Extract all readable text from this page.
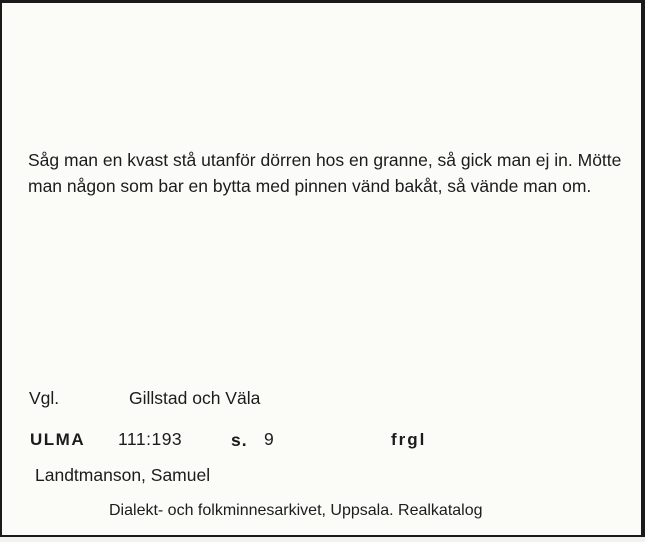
Såg man en kvast stå utanför dörren hos en granne, så gick man ej in. Mötte man någon som bar en bytta med pinnen vänd bakåt, så vände man om.

Vgl.	Gillstad och Väla
ULMA 111:193	s. 9	frgl
Landtmanson, Samuel
Dialekt- och folkminnesarkivet, Uppsala. Realkatalog
